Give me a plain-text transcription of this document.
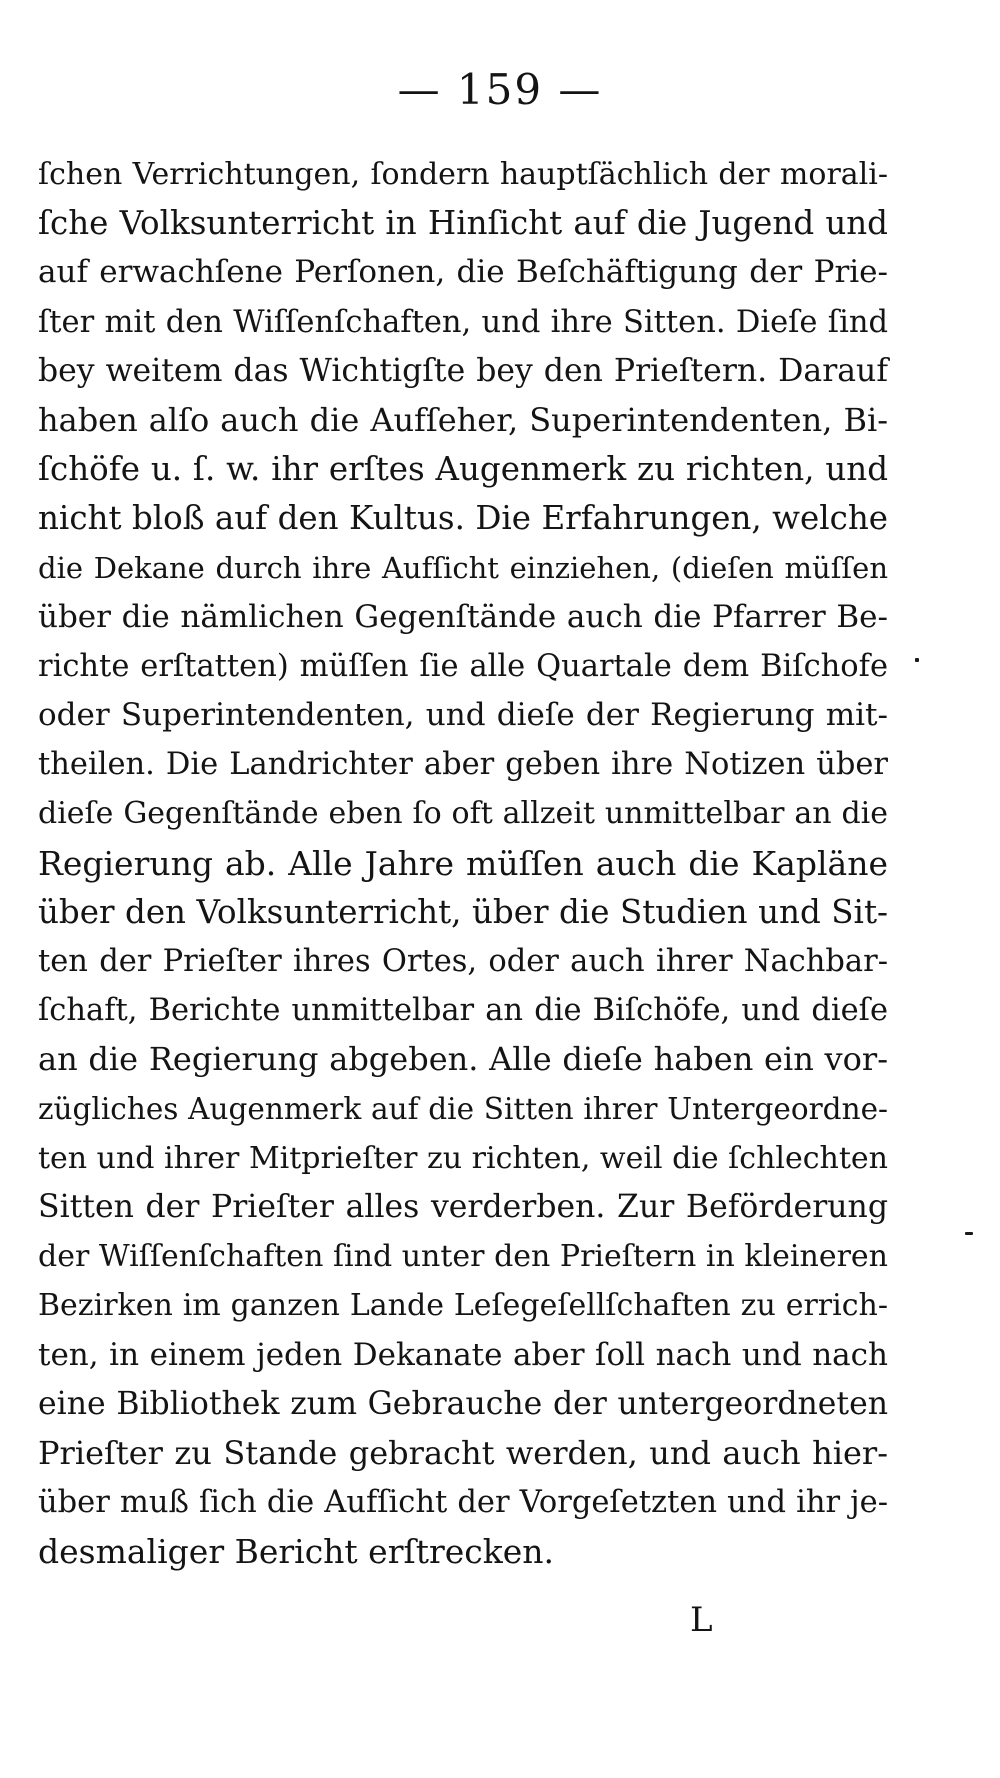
— 159 —
ſchen Verrichtungen, ſondern hauptſächlich der morali-
ſche Volksunterricht in Hinſicht auf die Jugend und
auf erwachſene Perſonen, die Beſchäftigung der Prie-
ſter mit den Wiſſenſchaften, und ihre Sitten. Dieſe ſind
bey weitem das Wichtigſte bey den Prieſtern. Darauf
haben alſo auch die Aufſeher, Superintendenten, Bi-
ſchöfe u. ſ. w. ihr erſtes Augenmerk zu richten, und
nicht bloß auf den Kultus. Die Erfahrungen, welche
die Dekane durch ihre Aufſicht einziehen, (dieſen müſſen
über die nämlichen Gegenſtände auch die Pfarrer Be-
richte erſtatten) müſſen ſie alle Quartale dem Biſchofe
oder Superintendenten, und dieſe der Regierung mit-
theilen. Die Landrichter aber geben ihre Notizen über
dieſe Gegenſtände eben ſo oft allzeit unmittelbar an die
Regierung ab. Alle Jahre müſſen auch die Kapläne
über den Volksunterricht, über die Studien und Sit-
ten der Prieſter ihres Ortes, oder auch ihrer Nachbar-
ſchaft, Berichte unmittelbar an die Biſchöfe, und dieſe
an die Regierung abgeben. Alle dieſe haben ein vor-
zügliches Augenmerk auf die Sitten ihrer Untergeordne-
ten und ihrer Mitprieſter zu richten, weil die ſchlechten
Sitten der Prieſter alles verderben. Zur Beförderung
der Wiſſenſchaften ſind unter den Prieſtern in kleineren
Bezirken im ganzen Lande Leſegeſellſchaften zu errich-
ten, in einem jeden Dekanate aber ſoll nach und nach
eine Bibliothek zum Gebrauche der untergeordneten
Prieſter zu Stande gebracht werden, und auch hier-
über muß ſich die Aufſicht der Vorgeſetzten und ihr je-
desmaliger Bericht erſtrecken.
L
